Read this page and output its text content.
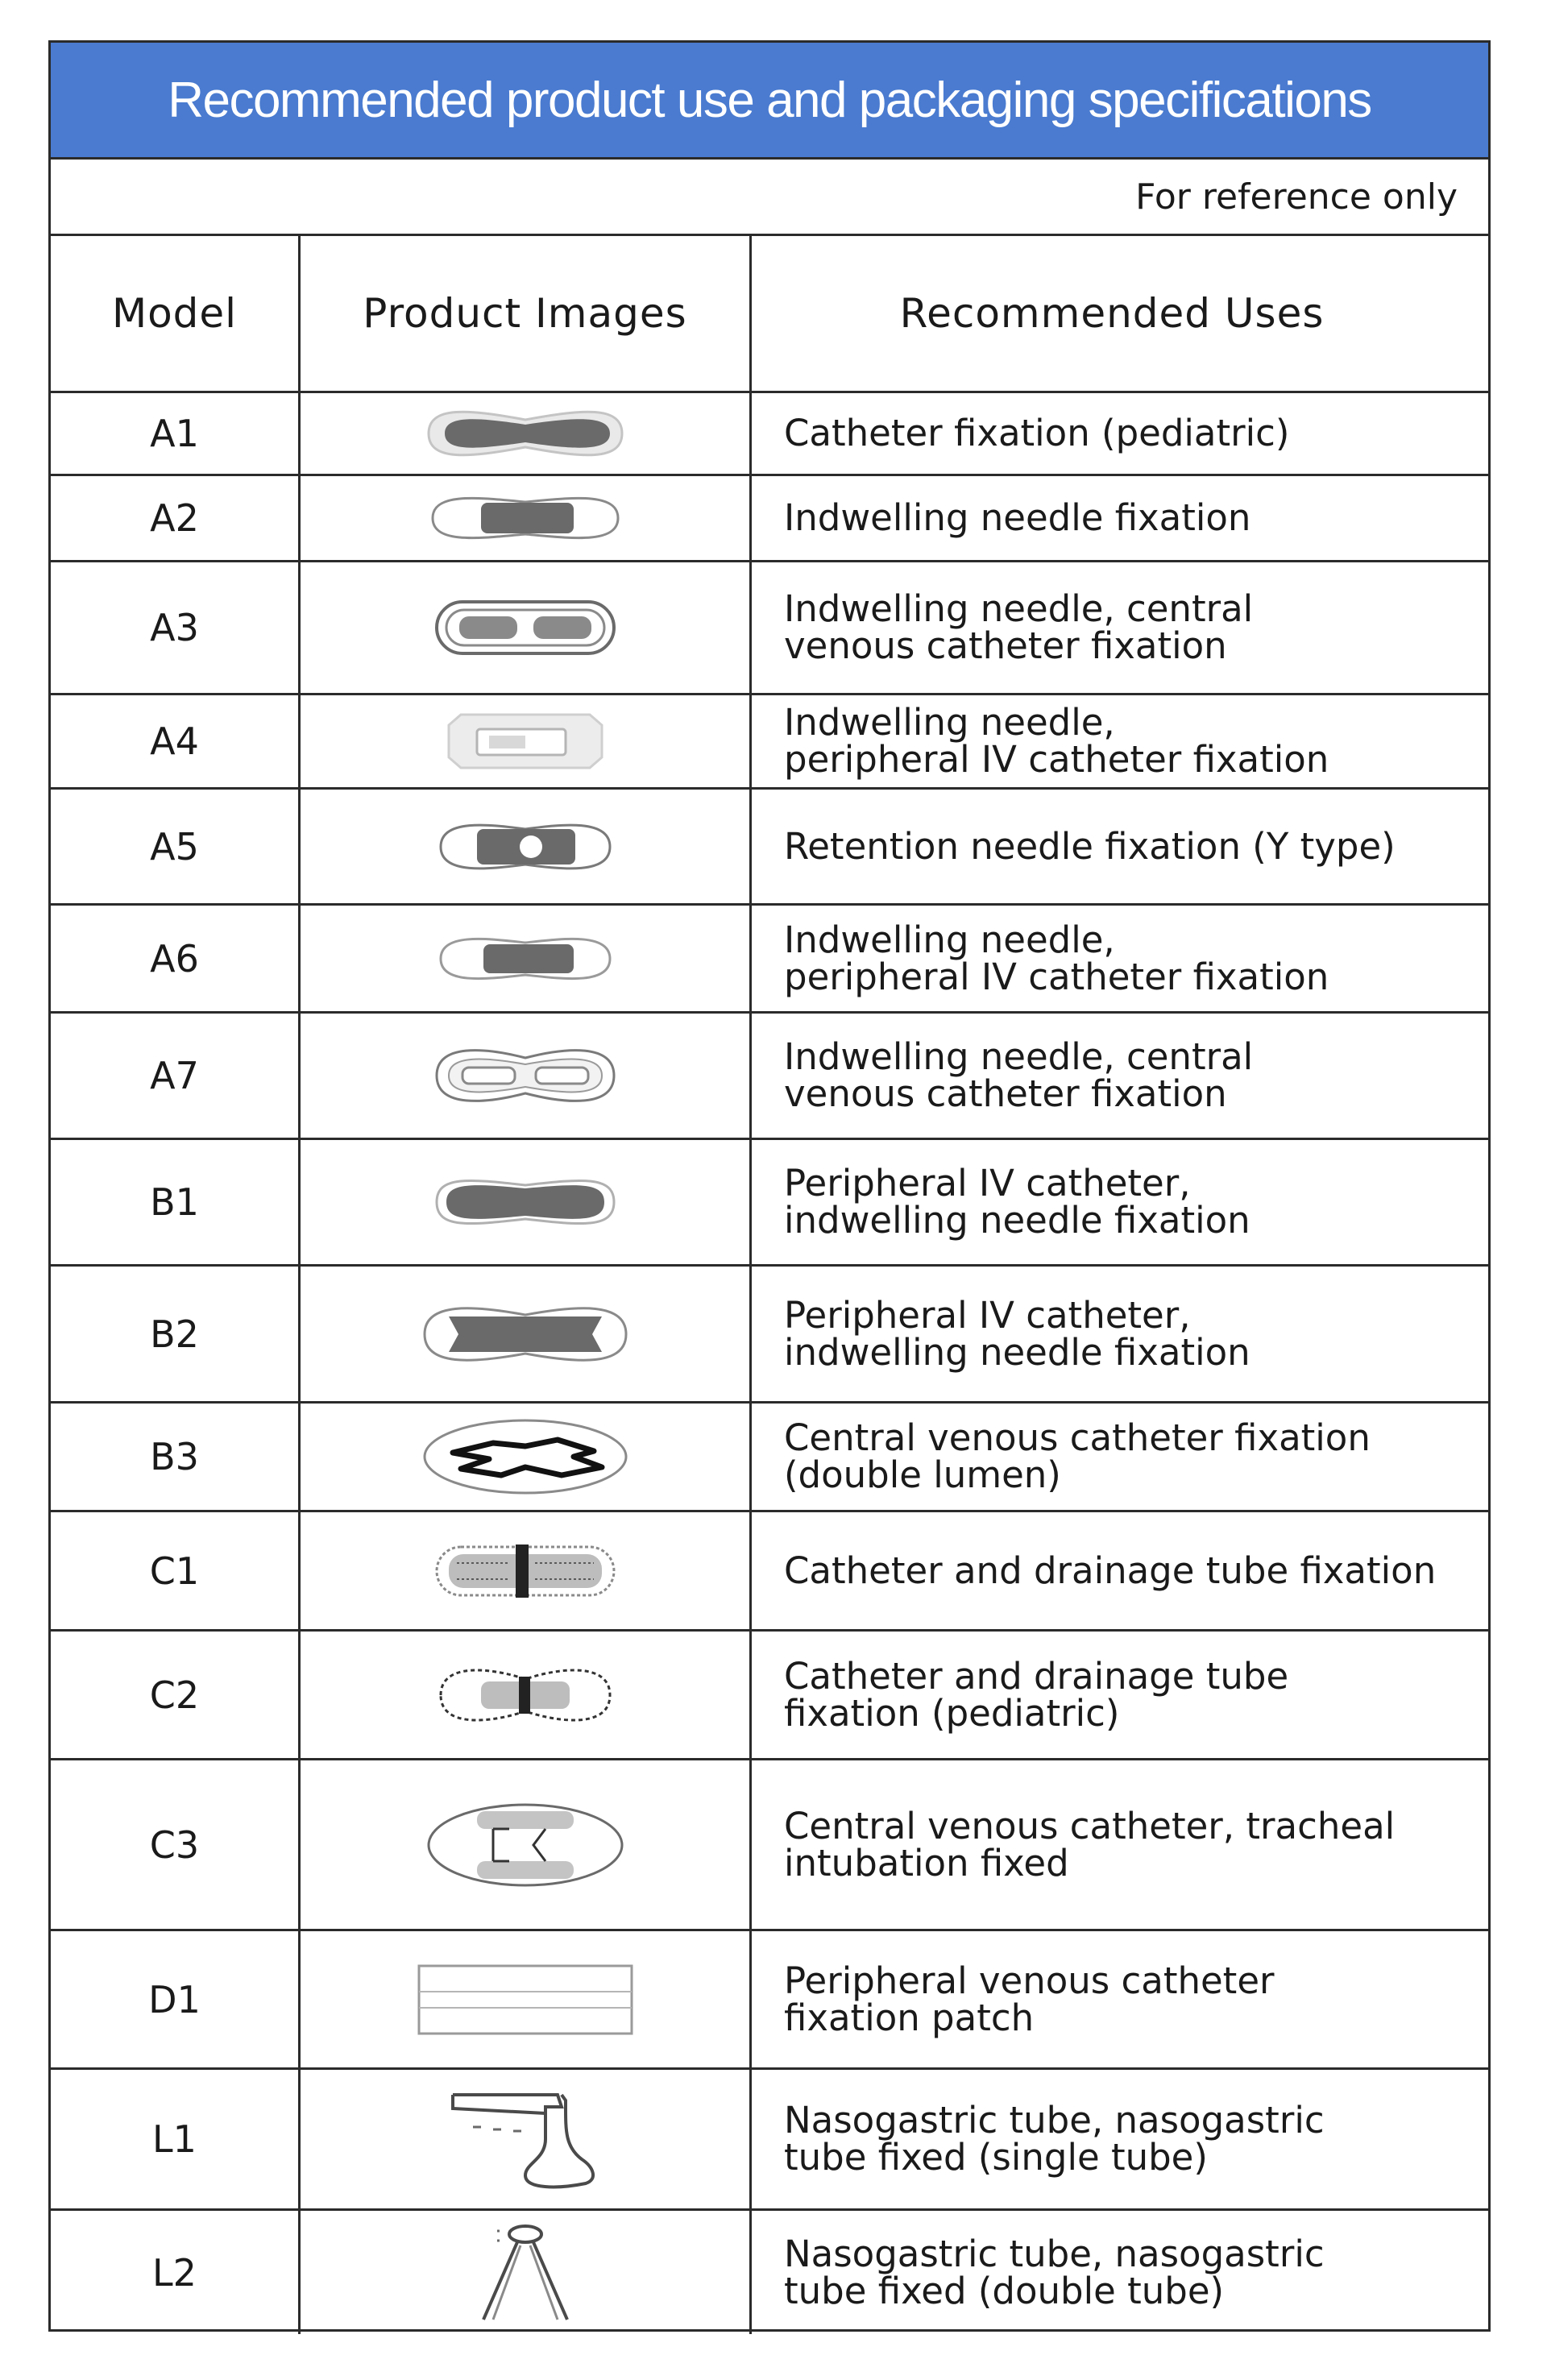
Recommended product use and packaging specifications
For reference only
Model	Product Images	Recommended Uses
A1	Catheter fixation (pediatric)
A2	Indwelling needle fixation
A3	Indwelling needle, central
venous catheter fixation
A4	Indwelling needle,
peripheral IV catheter fixation
A5	Retention needle fixation (Y type)
A6	Indwelling needle,
peripheral IV catheter fixation
A7	Indwelling needle, central
venous catheter fixation
B1	Peripheral IV catheter,
indwelling needle fixation
B2	Peripheral IV catheter,
indwelling needle fixation
B3	Central venous catheter fixation
(double lumen)
C1	Catheter and drainage tube fixation
C2	Catheter and drainage tube
fixation (pediatric)
C3	Central venous catheter, tracheal
intubation fixed
D1	Peripheral venous catheter
fixation patch
L1	Nasogastric tube, nasogastric
tube fixed (single tube)
L2	Nasogastric tube, nasogastric
tube fixed (double tube)
